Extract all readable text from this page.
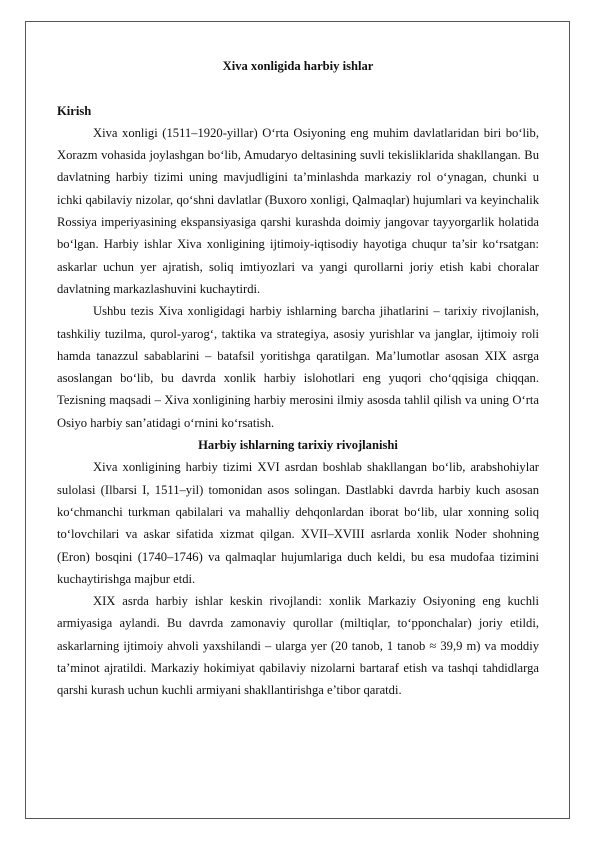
Xiva xonligida harbiy ishlar

Kirish

Xiva xonligi (1511–1920-yillar) O‘rta Osiyoning eng muhim davlatlaridan biri bo‘lib, Xorazm vohasida joylashgan bo‘lib, Amudaryo deltasining suvli tekisliklarida shakllangan. Bu davlatning harbiy tizimi uning mavjudligini ta’minlashda markaziy rol o‘ynagan, chunki u ichki qabilaviy nizolar, qo‘shni davlatlar (Buxoro xonligi, Qalmaqlar) hujumlari va keyinchalik Rossiya imperiyasining ekspansiyasiga qarshi kurashda doimiy jangovar tayyorgarlik holatida bo‘lgan. Harbiy ishlar Xiva xonligining ijtimoiy-iqtisodiy hayotiga chuqur ta’sir ko‘rsatgan: askarlar uchun yer ajratish, soliq imtiyozlari va yangi qurollarni joriy etish kabi choralar davlatning markazlashuvini kuchaytirdi.

Ushbu tezis Xiva xonligidagi harbiy ishlarning barcha jihatlarini – tarixiy rivojlanish, tashkiliy tuzilma, qurol-yarog‘, taktika va strategiya, asosiy yurishlar va janglar, ijtimoiy roli hamda tanazzul sabablarini – batafsil yoritishga qaratilgan. Ma’lumotlar asosan XIX asrga asoslangan bo‘lib, bu davrda xonlik harbiy islohotlari eng yuqori cho‘qqisiga chiqqan. Tezisning maqsadi – Xiva xonligining harbiy merosini ilmiy asosda tahlil qilish va uning O‘rta Osiyo harbiy san’atidagi o‘rnini ko‘rsatish.

Harbiy ishlarning tarixiy rivojlanishi

Xiva xonligining harbiy tizimi XVI asrdan boshlab shakllangan bo‘lib, arabshohiylar sulolasi (Ilbarsi I, 1511–yil) tomonidan asos solingan. Dastlabki davrda harbiy kuch asosan ko‘chmanchi turkman qabilalari va mahalliy dehqonlardan iborat bo‘lib, ular xonning soliq to‘lovchilari va askar sifatida xizmat qilgan. XVII–XVIII asrlarda xonlik Noder shohning (Eron) bosqini (1740–1746) va qalmaqlar hujumlariga duch keldi, bu esa mudofaa tizimini kuchaytirishga majbur etdi.

XIX asrda harbiy ishlar keskin rivojlandi: xonlik Markaziy Osiyoning eng kuchli armiyasiga aylandi. Bu davrda zamonaviy qurollar (miltiqlar, to‘pponchalar) joriy etildi, askarlarning ijtimoiy ahvoli yaxshilandi – ularga yer (20 tanob, 1 tanob ≈ 39,9 m) va moddiy ta’minot ajratildi. Markaziy hokimiyat qabilaviy nizolarni bartaraf etish va tashqi tahdidlarga qarshi kurash uchun kuchli armiyani shakllantirishga e’tibor qaratdi.
